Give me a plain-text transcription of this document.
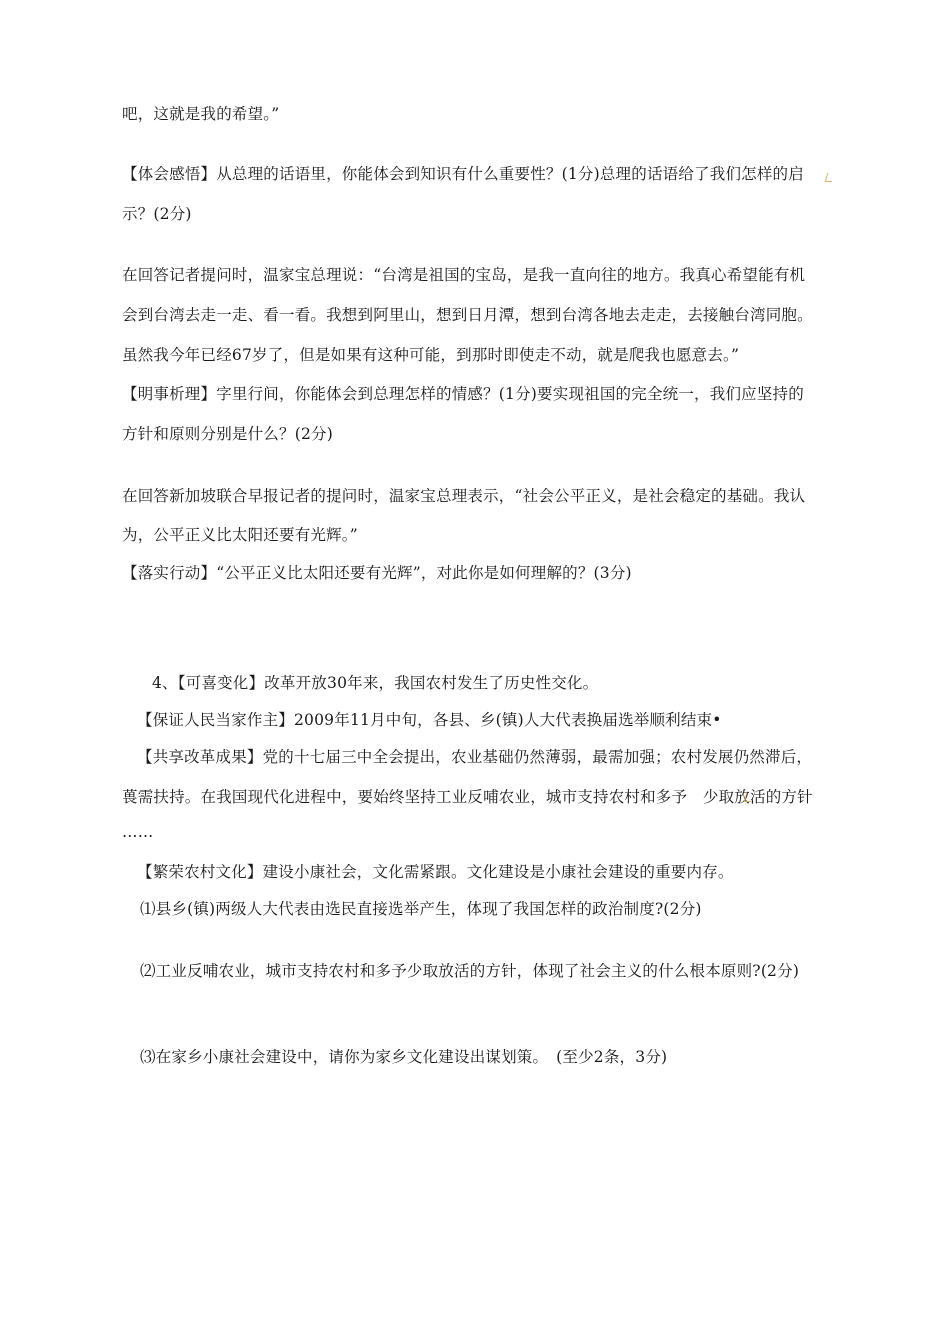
吧，这就是我的希望。”
【体会感悟】从总理的话语里，你能体会到知识有什么重要性？(1分)总理的话语给了我们怎样的启
示？(2分)
在回答记者提问时，温家宝总理说：“台湾是祖国的宝岛，是我一直向往的地方。我真心希望能有机
会到台湾去走一走、看一看。我想到阿里山，想到日月潭，想到台湾各地去走走，去接触台湾同胞。
虽然我今年已经67岁了，但是如果有这种可能，到那时即使走不动，就是爬我也愿意去。”
【明事析理】字里行间，你能体会到总理怎样的情感？(1分)要实现祖国的完全统一，我们应坚持的
方针和原则分别是什么？(2分)
在回答新加坡联合早报记者的提问时，温家宝总理表示，“社会公平正义，是社会稳定的基础。我认
为，公平正义比太阳还要有光辉。”
【落实行动】“公平正义比太阳还要有光辉”，对此你是如何理解的？(3分)
4、【可喜变化】改革开放30年来，我国农村发生了历史性交化。
【保证人民当家作主】2009年11月中旬，各县、乡(镇)人大代表换届选举顺利结束•
【共享改革成果】党的十七届三中全会提出，农业基础仍然薄弱，最需加强；农村发展仍然滞后，
葨需扶持。在我国现代化进程中，要始终坚持工业反哺农业，城市支持农村和多予　少取放活的方针
……
【繁荣农村文化】建设小康社会，文化需紧跟。文化建设是小康社会建设的重要内存。
⑴县乡(镇)两级人大代表由选民直接选举产生，体现了我国怎样的政治制度?(2分)
⑵工业反哺农业，城市支持农村和多予少取放活的方针，体现了社会主义的什么根本原则?(2分)
⑶在家乡小康社会建设中，请你为家乡文化建设出谋划策。　(至少2条，3分)
